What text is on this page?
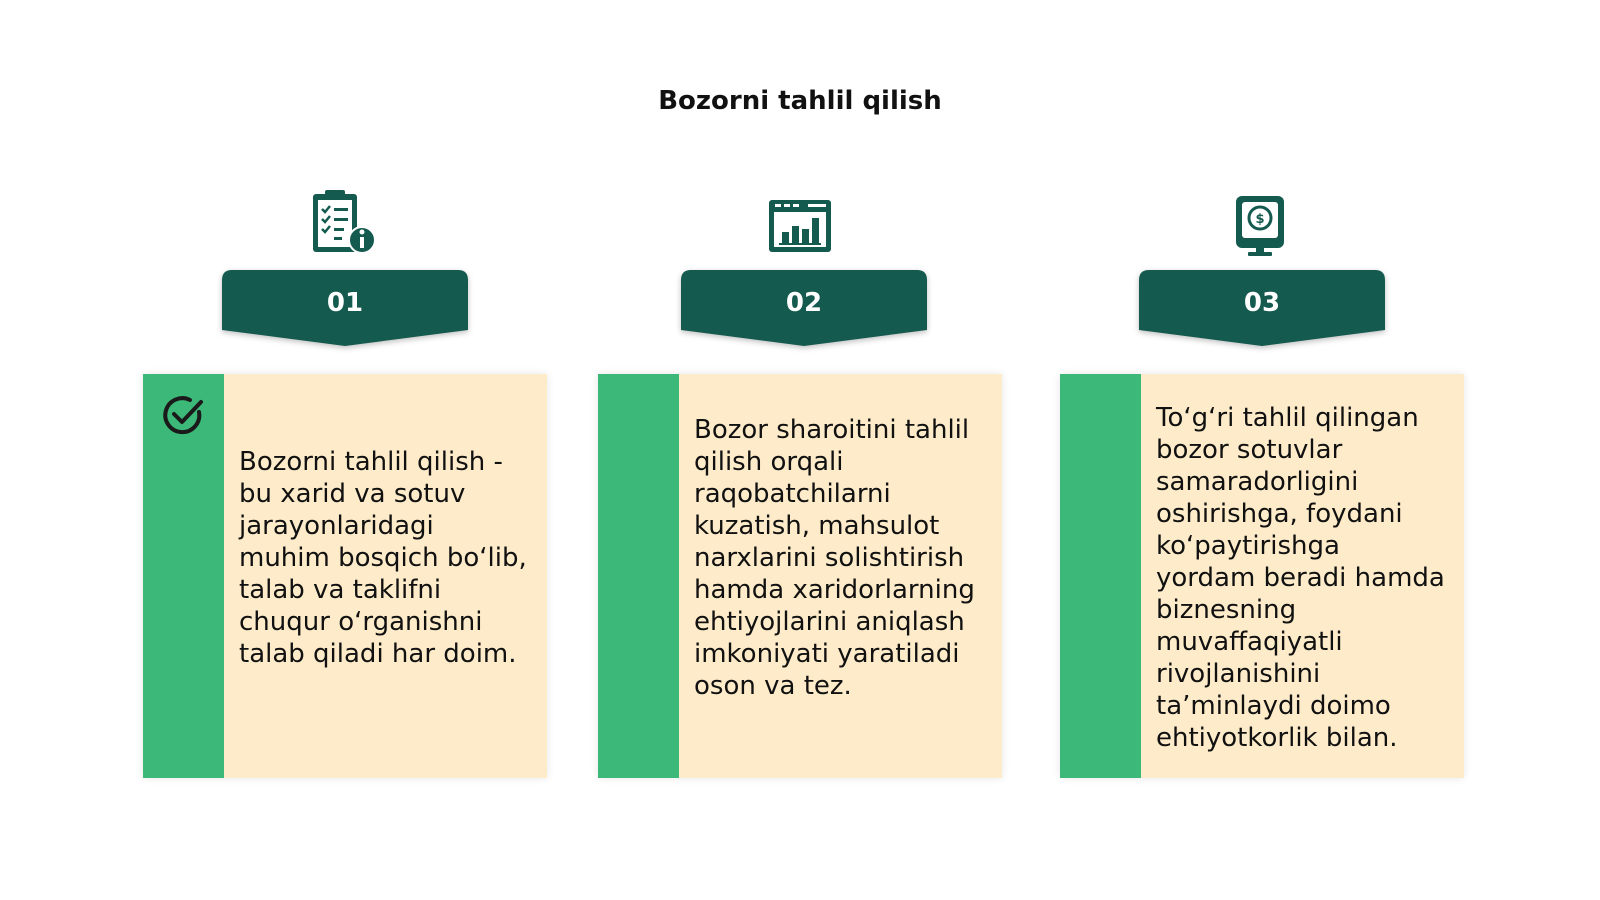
Bozorni tahlil qilish
01
Bozorni tahlil qilish - bu xarid va sotuv jarayonlaridagi muhim bosqich bo‘lib, talab va taklifni chuqur o‘rganishni talab qiladi har doim.
02
Bozor sharoitini tahlil qilish orqali raqobatchilarni kuzatish, mahsulot narxlarini solishtirish hamda xaridorlarning ehtiyojlarini aniqlash imkoniyati yaratiladi oson va tez.
$
03
To‘g‘ri tahlil qilingan bozor sotuvlar samaradorligini oshirishga, foydani ko‘paytirishga yordam beradi hamda biznesning muvaffaqiyatli rivojlanishini ta’minlaydi doimo ehtiyotkorlik bilan.
